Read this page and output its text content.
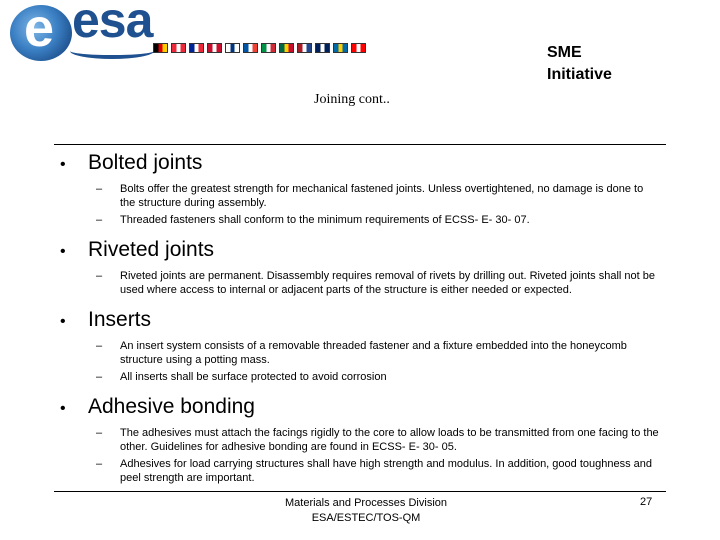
e esa
SME
Initiative
Joining cont..
•	Bolted joints
–	Bolts offer the greatest strength for mechanical fastened joints. Unless overtightened, no damage is done to the structure during assembly.
–	Threaded fasteners shall conform to the minimum requirements of ECSS- E- 30- 07.
•	Riveted joints
–	Riveted joints are permanent. Disassembly requires removal of rivets by drilling out. Riveted joints shall not be used where access to internal or adjacent parts of the structure is either needed or expected.
•	Inserts
–	An insert system consists of a removable threaded fastener and a fixture embedded into the honeycomb structure using a potting mass.
–	All inserts shall be surface protected to avoid corrosion
•	Adhesive bonding
–	The adhesives must attach the facings rigidly to the core to allow loads to be transmitted from one facing to the other. Guidelines for adhesive bonding are found in ECSS- E- 30- 05.
–	Adhesives for load carrying structures shall have high strength and modulus. In addition, good toughness and peel strength are important.
Materials and Processes Division
ESA/ESTEC/TOS-QM
27
